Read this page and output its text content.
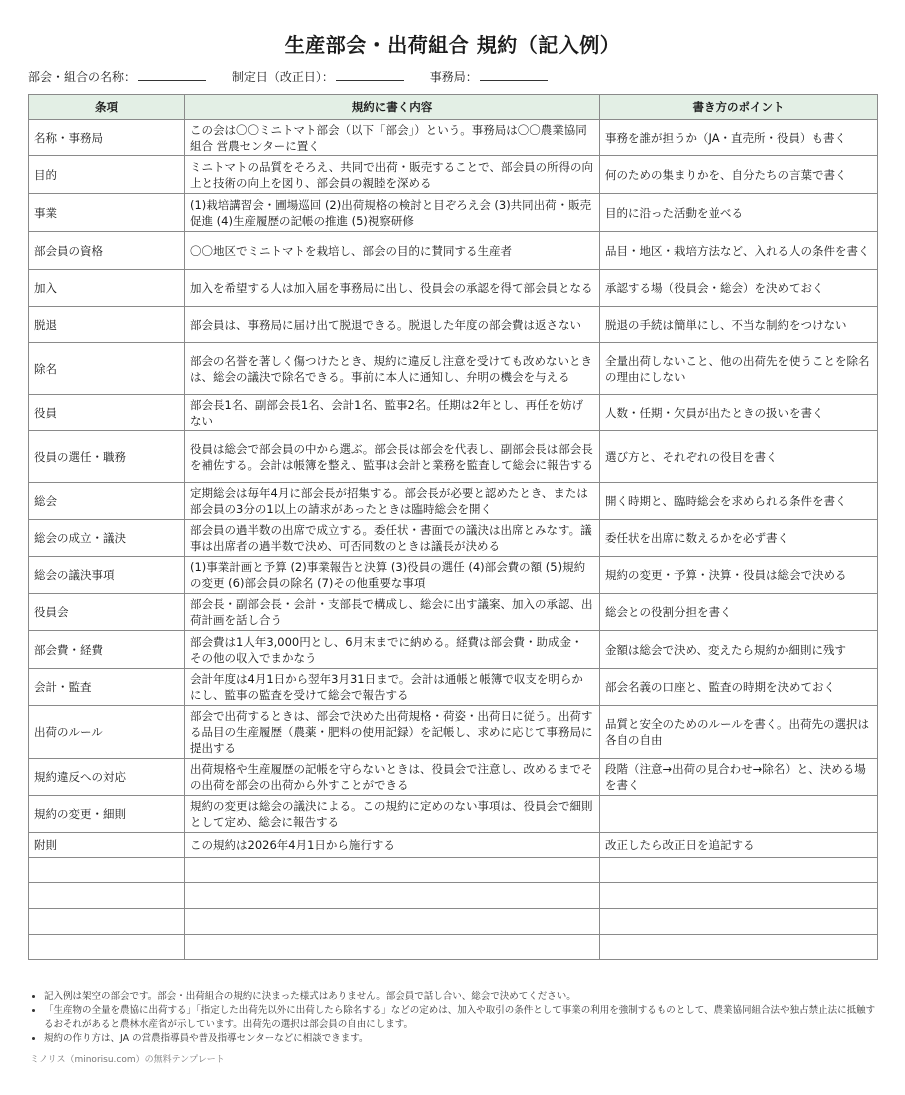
生産部会・出荷組合 規約（記入例）
部会・組合の名称：	制定日（改正日）：	事務局：
条項	規約に書く内容	書き方のポイント
名称・事務局	この会は〇〇ミニトマト部会（以下「部会」）という。事務局は〇〇農業協同組合 営農センターに置く	事務を誰が担うか（JA・直売所・役員）も書く
目的	ミニトマトの品質をそろえ、共同で出荷・販売することで、部会員の所得の向上と技術の向上を図り、部会員の親睦を深める	何のための集まりかを、自分たちの言葉で書く
事業	(1)栽培講習会・圃場巡回 (2)出荷規格の検討と目ぞろえ会 (3)共同出荷・販売促進 (4)生産履歴の記帳の推進 (5)視察研修	目的に沿った活動を並べる
部会員の資格	〇〇地区でミニトマトを栽培し、部会の目的に賛同する生産者	品目・地区・栽培方法など、入れる人の条件を書く
加入	加入を希望する人は加入届を事務局に出し、役員会の承認を得て部会員となる	承認する場（役員会・総会）を決めておく
脱退	部会員は、事務局に届け出て脱退できる。脱退した年度の部会費は返さない	脱退の手続は簡単にし、不当な制約をつけない
除名	部会の名誉を著しく傷つけたとき、規約に違反し注意を受けても改めないときは、総会の議決で除名できる。事前に本人に通知し、弁明の機会を与える	全量出荷しないこと、他の出荷先を使うことを除名の理由にしない
役員	部会長1名、副部会長1名、会計1名、監事2名。任期は2年とし、再任を妨げない	人数・任期・欠員が出たときの扱いを書く
役員の選任・職務	役員は総会で部会員の中から選ぶ。部会長は部会を代表し、副部会長は部会長を補佐する。会計は帳簿を整え、監事は会計と業務を監査して総会に報告する	選び方と、それぞれの役目を書く
総会	定期総会は毎年4月に部会長が招集する。部会長が必要と認めたとき、または部会員の3分の1以上の請求があったときは臨時総会を開く	開く時期と、臨時総会を求められる条件を書く
総会の成立・議決	部会員の過半数の出席で成立する。委任状・書面での議決は出席とみなす。議事は出席者の過半数で決め、可否同数のときは議長が決める	委任状を出席に数えるかを必ず書く
総会の議決事項	(1)事業計画と予算 (2)事業報告と決算 (3)役員の選任 (4)部会費の額 (5)規約の変更 (6)部会員の除名 (7)その他重要な事項	規約の変更・予算・決算・役員は総会で決める
役員会	部会長・副部会長・会計・支部長で構成し、総会に出す議案、加入の承認、出荷計画を話し合う	総会との役割分担を書く
部会費・経費	部会費は1人年3,000円とし、6月末までに納める。経費は部会費・助成金・その他の収入でまかなう	金額は総会で決め、変えたら規約か細則に残す
会計・監査	会計年度は4月1日から翌年3月31日まで。会計は通帳と帳簿で収支を明らかにし、監事の監査を受けて総会で報告する	部会名義の口座と、監査の時期を決めておく
出荷のルール	部会で出荷するときは、部会で決めた出荷規格・荷姿・出荷日に従う。出荷する品目の生産履歴（農薬・肥料の使用記録）を記帳し、求めに応じて事務局に提出する	品質と安全のためのルールを書く。出荷先の選択は各自の自由
規約違反への対応	出荷規格や生産履歴の記帳を守らないときは、役員会で注意し、改めるまでその出荷を部会の出荷から外すことができる	段階（注意→出荷の見合わせ→除名）と、決める場を書く
規約の変更・細則	規約の変更は総会の議決による。この規約に定めのない事項は、役員会で細則として定め、総会に報告する	
附則	この規約は2026年4月1日から施行する	改正したら改正日を追記する

• 記入例は架空の部会です。部会・出荷組合の規約に決まった様式はありません。部会員で話し合い、総会で決めてください。
• 「生産物の全量を農協に出荷する」「指定した出荷先以外に出荷したら除名する」などの定めは、加入や取引の条件として事業の利用を強制するものとして、農業協同組合法や独占禁止法に抵触するおそれがあると農林水産省が示しています。出荷先の選択は部会員の自由にします。
• 規約の作り方は、JA の営農指導員や普及指導センターなどに相談できます。
ミノリス（minorisu.com）の無料テンプレート
